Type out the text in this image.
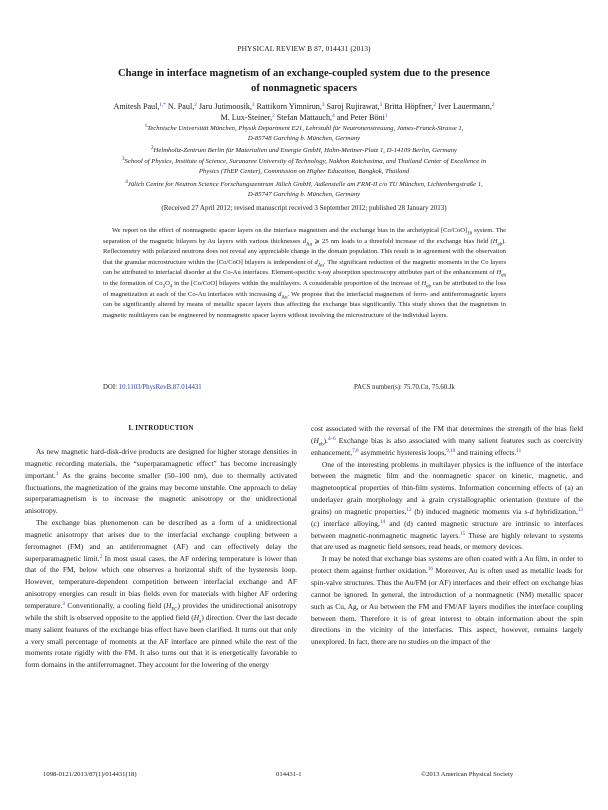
PHYSICAL REVIEW B 87, 014431 (2013)
Change in interface magnetism of an exchange-coupled system due to the presence
of nonmagnetic spacers
Amitesh Paul,$^{1,*}$ N. Paul,$^2$ Jaru Jutimoosik,$^3$ Rattikorn Yimnirun,$^3$ Saroj Rujirawat,$^3$ Britta Höpfner,$^2$ Iver Lauermann,$^2$
M. Lux-Steiner,$^2$ Stefan Mattauch,$^4$ and Peter Böni$^1$
$^1$Technische Universität München, Physik Department E21, Lehrstuhl für Neutronenstreuung, James-Franck-Strasse 1,
D-85748 Garching b. München, Germany
$^2$Helmholtz-Zentrum Berlin für Materialien und Energie GmbH, Hahn-Meitner-Platz 1, D-14109 Berlin, Germany
$^3$School of Physics, Institute of Science, Suranaree University of Technology, Nakhon Ratchasima, and Thailand Center of Excellence in
Physics (ThEP Center), Commission on Higher Education, Bangkok, Thailand
$^4$Jülich Centre for Neutron Science Forschungszentrum Jülich GmbH, Außenstelle am FRM-II c/o TU München, Lichtenbergstraße 1,
D-85747 Garching b. München, Germany
(Received 27 April 2012; revised manuscript received 3 September 2012; published 28 January 2013)
We report on the effect of nonmagnetic spacer layers on the interface magnetism and the exchange bias in the archetypical $[Co/CoO]_{16}$ system. The separation of the magnetic bilayers by Au layers with various thicknesses $d_{Au}$ ⩾ 25 nm leads to a threefold increase of the exchange bias field $(H_{eb})$. Reflectometry with polarized neutrons does not reveal any appreciable change in the domain population. This result is in agreement with the observation that the granular microstructure within the [Co/CoO] bilayers is independent of $d_{Au}$. The significant reduction of the magnetic moments in the Co layers can be attributed to interfacial disorder at the Co-Au interfaces. Element-specific x-ray absorption spectroscopy attributes part of the enhancement of $H_{eb}$ to the formation of $Co_3O_4$ in the [Co/CoO] bilayers within the multilayers. A considerable proportion of the increase of $H_{eb}$ can be attributed to the loss of magnetization at each of the Co-Au interfaces with increasing $d_{Au}$. We propose that the interfacial magnetism of ferro- and antiferromagnetic layers can be significantly altered by means of metallic spacer layers thus affecting the exchange bias significantly. This study shows that the magnetism in magnetic multilayers can be engineered by nonmagnetic spacer layers without involving the microstructure of the individual layers.
DOI: 10.1103/PhysRevB.87.014431	PACS number(s): 75.70.Cn, 75.60.Jk
I. INTRODUCTION

As new magnetic hard-disk-drive products are designed for higher storage densities in magnetic recording materials, the “superparamagnetic effect” has become increasingly important.$^1$ As the grains become smaller (50–100 nm), due to thermally activated fluctuations, the magnetization of the grains may become unstable. One approach to delay superparamagnetism is to increase the magnetic anisotropy or the unidirectional anisotropy.

The exchange bias phenomenon can be described as a form of a unidirectional magnetic anisotropy that arises due to the interfacial exchange coupling between a ferromagnet (FM) and an antiferromagnet (AF) and can effectively delay the superparamagnetic limit.$^2$ In most usual cases, the AF ordering temperature is lower than that of the FM, below which one observes a horizontal shift of the hysteresis loop. However, temperature-dependent competition between interfacial exchange and AF anisotropy energies can result in bias fields even for materials with higher AF ordering temperature.$^3$ Conventionally, a cooling field $(H_{FC})$ provides the unidirectional anisotropy while the shift is observed opposite to the applied field $(H_a)$ direction. Over the last decade many salient features of the exchange bias effect have been clarified. It turns out that only a very small percentage of moments at the AF interface are pinned while the rest of the moments rotate rigidly with the FM. It also turns out that it is energetically favorable to form domains in the antiferromagnet. They account for the lowering of the energy

cost associated with the reversal of the FM that determines the strength of the bias field $(H_{eb}).^{4-6}$ Exchange bias is also associated with many salient features such as coercivity enhancement,$^{7,8}$ asymmetric hysteresis loops,$^{9,10}$ and training effects.$^{11}$

One of the interesting problems in multilayer physics is the influence of the interface between the magnetic film and the nonmagnetic spacer on kinetic, magnetic, and magnetooptical properties of thin-film systems. Information concerning effects of (a) an underlayer grain morphology and a grain crystallographic orientation (texture of the grains) on magnetic properties,$^{12}$ (b) induced magnetic moments via s-d hybridization,$^{13}$ (c) interface alloying,$^{14}$ and (d) canted magnetic structure are intrinsic to interfaces between magnetic-nonmagnetic magnetic layers.$^{15}$ These are highly relevant to systems that are used as magnetic field sensors, read heads, or memory devices.

It may be noted that exchange bias systems are often coated with a Au film, in order to protect them against further oxidation.$^{16}$ Moreover, Au is often used as metallic leads for spin-valve structures. Thus the Au/FM (or AF) interfaces and their effect on exchange bias cannot be ignored. In general, the introduction of a nonmagnetic (NM) metallic spacer such as Cu, Ag, or Au between the FM and FM/AF layers modifies the interface coupling between them. Therefore it is of great interest to obtain information about the spin directions in the vicinity of the interfaces. This aspect, however, remains largely unexplored. In fact, there are no studies on the impact of the

1098-0121/2013/87(1)/014431(18)	014431-1	©2013 American Physical Society
